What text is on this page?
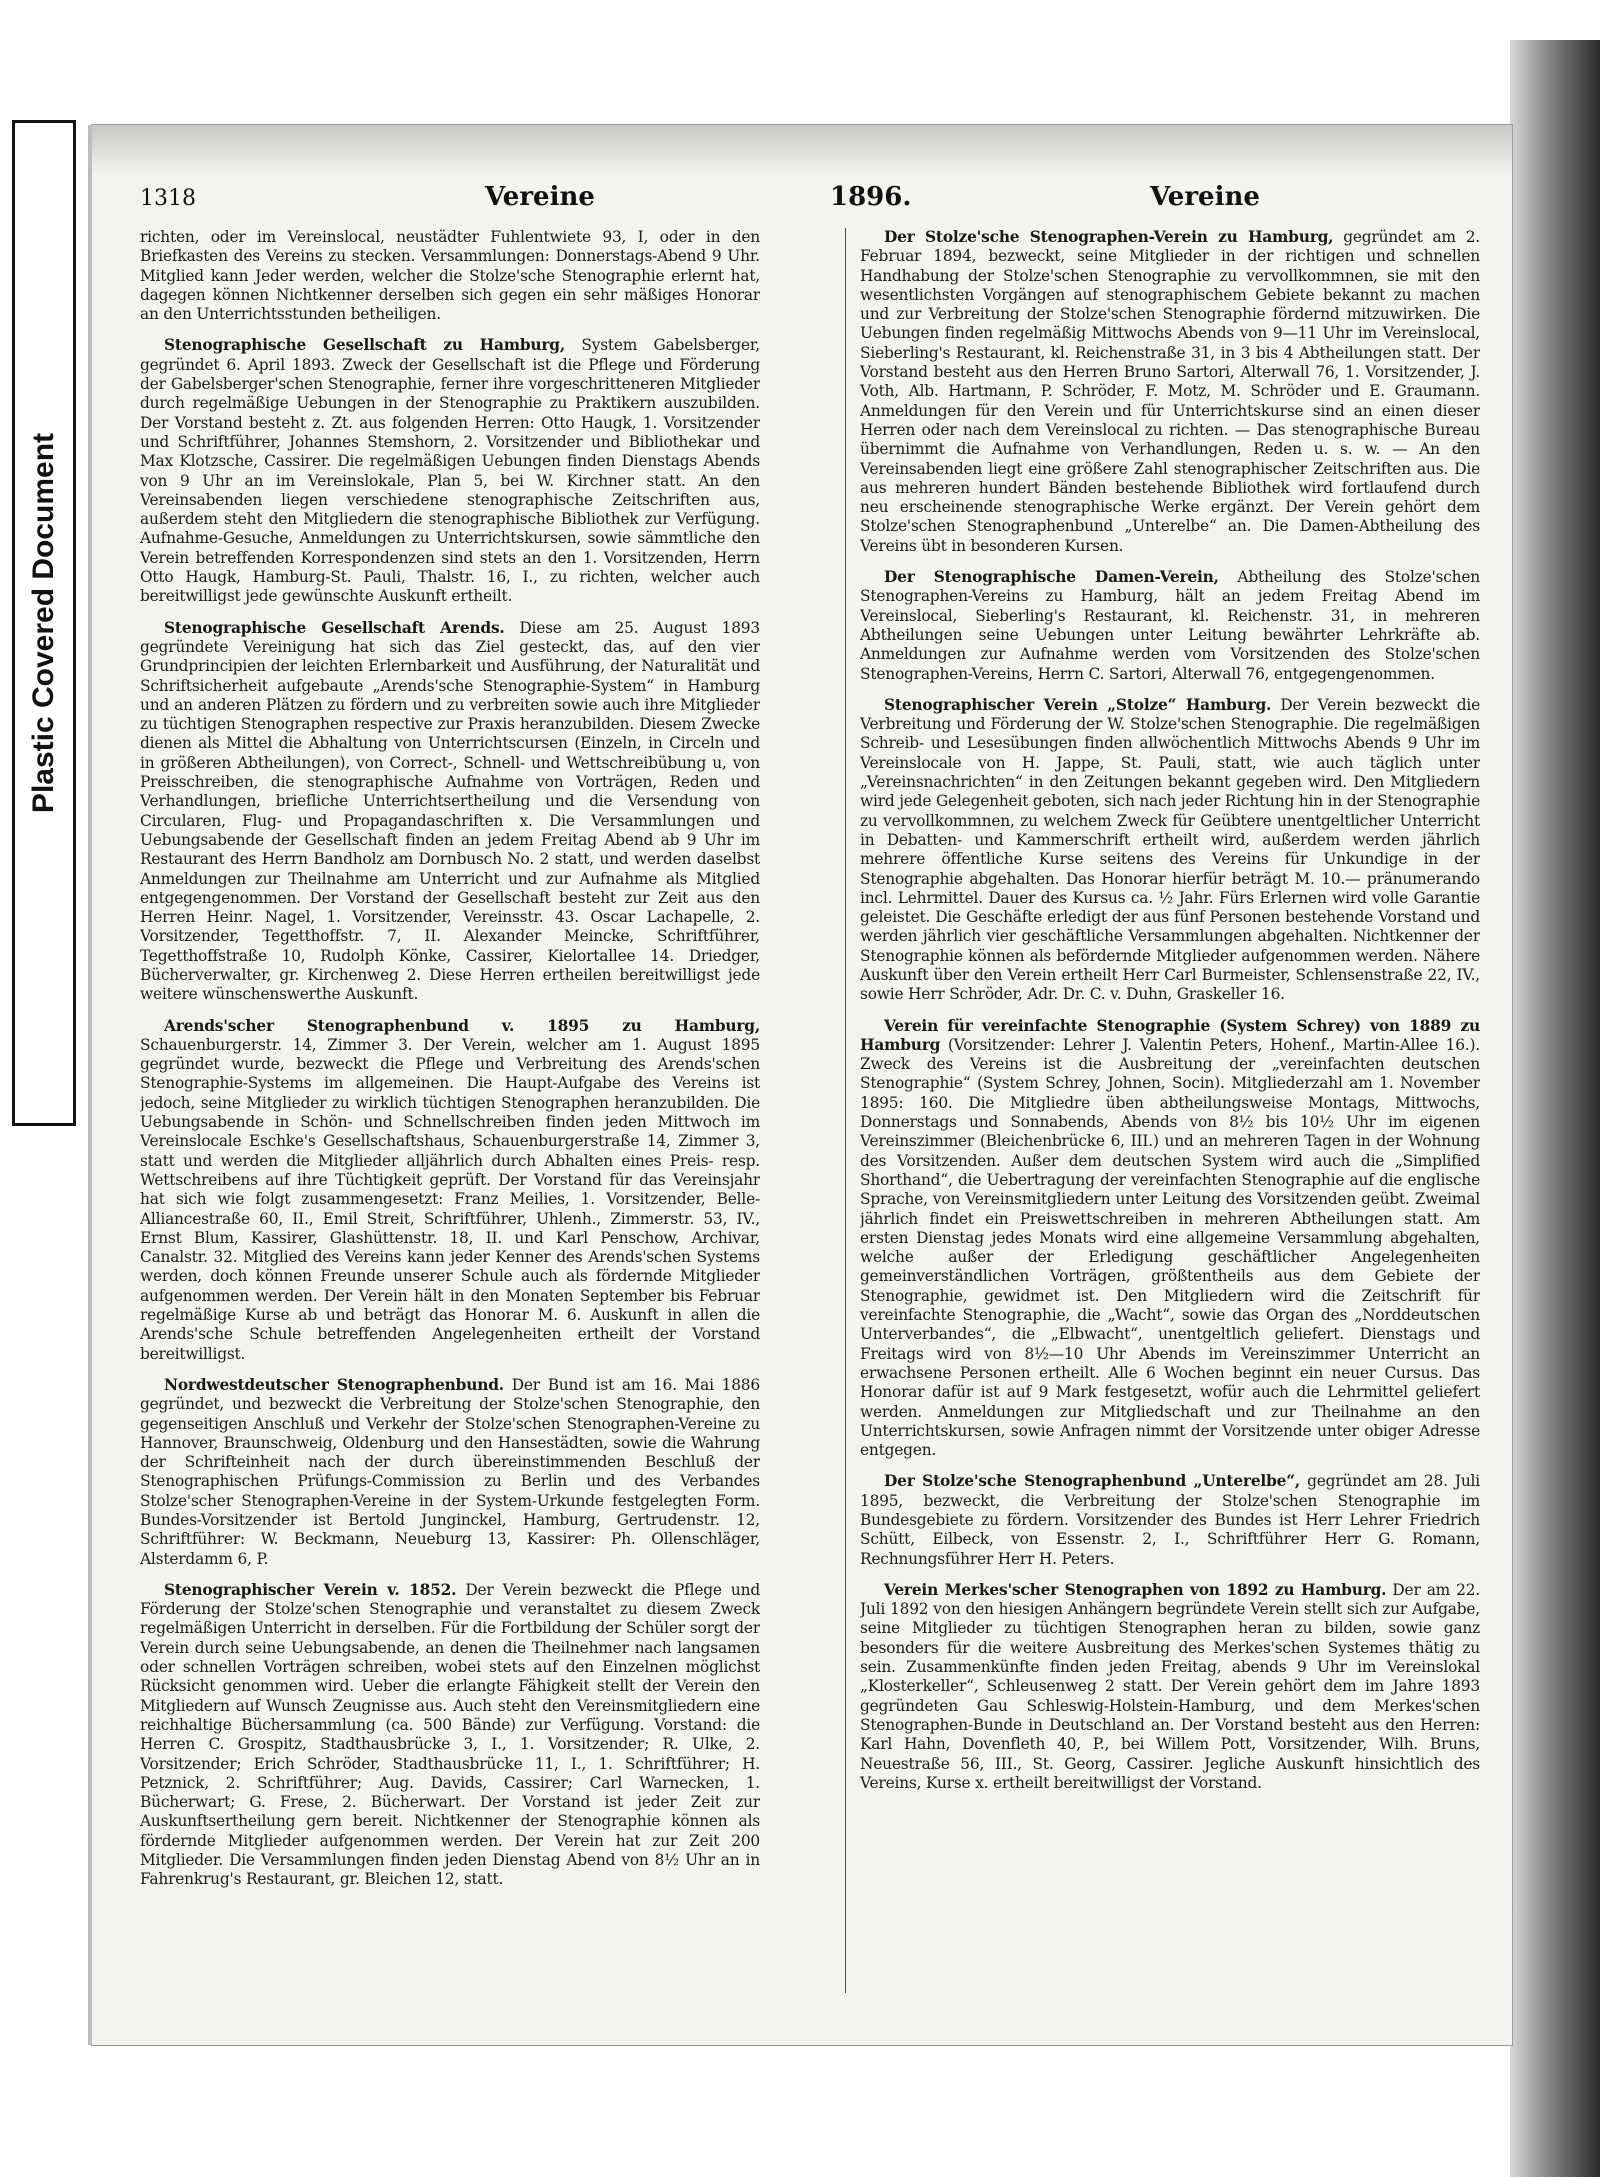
Plastic Covered Document
1318	Vereine	1896.	Vereine

richten, oder im Vereinslocal, neustädter Fuhlentwiete 93, I, oder in den Briefkasten des Vereins zu stecken. Versammlungen: Donnerstags-Abend 9 Uhr. Mitglied kann Jeder werden, welcher die Stolze'sche Stenographie erlernt hat, dagegen können Nichtkenner derselben sich gegen ein sehr mäßiges Honorar an den Unterrichtsstunden betheiligen.

Stenographische Gesellschaft zu Hamburg, System Gabelsberger, gegründet 6. April 1893. Zweck der Gesellschaft ist die Pflege und Förderung der Gabelsberger'schen Stenographie, ferner ihre vorgeschritteneren Mitglieder durch regelmäßige Uebungen in der Stenographie zu Praktikern auszubilden. Der Vorstand besteht z. Zt. aus folgenden Herren: Otto Haugk, 1. Vorsitzender und Schriftführer, Johannes Stemshorn, 2. Vorsitzender und Bibliothekar und Max Klotzsche, Cassirer. Die regelmäßigen Uebungen finden Dienstags Abends von 9 Uhr an im Vereinslokale, Plan 5, bei W. Kirchner statt. An den Vereinsabenden liegen verschiedene stenographische Zeitschriften aus, außerdem steht den Mitgliedern die stenographische Bibliothek zur Verfügung. Aufnahme-Gesuche, Anmeldungen zu Unterrichtskursen, sowie sämmtliche den Verein betreffenden Korrespondenzen sind stets an den 1. Vorsitzenden, Herrn Otto Haugk, Hamburg-St. Pauli, Thalstr. 16, I., zu richten, welcher auch bereitwilligst jede gewünschte Auskunft ertheilt.

Stenographische Gesellschaft Arends. Diese am 25. August 1893 gegründete Vereinigung hat sich das Ziel gesteckt, das, auf den vier Grundprincipien der leichten Erlernbarkeit und Ausführung, der Naturalität und Schriftsicherheit aufgebaute „Arends'sche Stenographie-System“ in Hamburg und an anderen Plätzen zu fördern und zu verbreiten sowie auch ihre Mitglieder zu tüchtigen Stenographen respective zur Praxis heranzubilden. Diesem Zwecke dienen als Mittel die Abhaltung von Unterrichtscursen (Einzeln, in Circeln und in größeren Abtheilungen), von Correct-, Schnell- und Wettschreibübung u, von Preisschreiben, die stenographische Aufnahme von Vorträgen, Reden und Verhandlungen, briefliche Unterrichtsertheilung und die Versendung von Circularen, Flug- und Propagandaschriften x. Die Versammlungen und Uebungsabende der Gesellschaft finden an jedem Freitag Abend ab 9 Uhr im Restaurant des Herrn Bandholz am Dornbusch No. 2 statt, und werden daselbst Anmeldungen zur Theilnahme am Unterricht und zur Aufnahme als Mitglied entgegengenommen. Der Vorstand der Gesellschaft besteht zur Zeit aus den Herren Heinr. Nagel, 1. Vorsitzender, Vereinsstr. 43. Oscar Lachapelle, 2. Vorsitzender, Tegetthoffstr. 7, II. Alexander Meincke, Schriftführer, Tegetthoffstraße 10, Rudolph Könke, Cassirer, Kielortallee 14. Driedger, Bücherverwalter, gr. Kirchenweg 2. Diese Herren ertheilen bereitwilligst jede weitere wünschenswerthe Auskunft.

Arends'scher Stenographenbund v. 1895 zu Hamburg, Schauenburgerstr. 14, Zimmer 3. Der Verein, welcher am 1. August 1895 gegründet wurde, bezweckt die Pflege und Verbreitung des Arends'schen Stenographie-Systems im allgemeinen. Die Haupt-Aufgabe des Vereins ist jedoch, seine Mitglieder zu wirklich tüchtigen Stenographen heranzubilden. Die Uebungsabende in Schön- und Schnellschreiben finden jeden Mittwoch im Vereinslocale Eschke's Gesellschaftshaus, Schauenburgerstraße 14, Zimmer 3, statt und werden die Mitglieder alljährlich durch Abhalten eines Preis- resp. Wettschreibens auf ihre Tüchtigkeit geprüft. Der Vorstand für das Vereinsjahr hat sich wie folgt zusammengesetzt: Franz Meilies, 1. Vorsitzender, Belle-Alliancestraße 60, II., Emil Streit, Schriftführer, Uhlenh., Zimmerstr. 53, IV., Ernst Blum, Kassirer, Glashüttenstr. 18, II. und Karl Penschow, Archivar, Canalstr. 32. Mitglied des Vereins kann jeder Kenner des Arends'schen Systems werden, doch können Freunde unserer Schule auch als fördernde Mitglieder aufgenommen werden. Der Verein hält in den Monaten September bis Februar regelmäßige Kurse ab und beträgt das Honorar M. 6. Auskunft in allen die Arends'sche Schule betreffenden Angelegenheiten ertheilt der Vorstand bereitwilligst.

Nordwestdeutscher Stenographenbund. Der Bund ist am 16. Mai 1886 gegründet, und bezweckt die Verbreitung der Stolze'schen Stenographie, den gegenseitigen Anschluß und Verkehr der Stolze'schen Stenographen-Vereine zu Hannover, Braunschweig, Oldenburg und den Hansestädten, sowie die Wahrung der Schrifteinheit nach der durch übereinstimmenden Beschluß der Stenographischen Prüfungs-Commission zu Berlin und des Verbandes Stolze'scher Stenographen-Vereine in der System-Urkunde festgelegten Form. Bundes-Vorsitzender ist Bertold Junginckel, Hamburg, Gertrudenstr. 12, Schriftführer: W. Beckmann, Neueburg 13, Kassirer: Ph. Ollenschläger, Alsterdamm 6, P.

Stenographischer Verein v. 1852. Der Verein bezweckt die Pflege und Förderung der Stolze'schen Stenographie und veranstaltet zu diesem Zweck regelmäßigen Unterricht in derselben. Für die Fortbildung der Schüler sorgt der Verein durch seine Uebungsabende, an denen die Theilnehmer nach langsamen oder schnellen Vorträgen schreiben, wobei stets auf den Einzelnen möglichst Rücksicht genommen wird. Ueber die erlangte Fähigkeit stellt der Verein den Mitgliedern auf Wunsch Zeugnisse aus. Auch steht den Vereinsmitgliedern eine reichhaltige Büchersammlung (ca. 500 Bände) zur Verfügung. Vorstand: die Herren C. Grospitz, Stadthausbrücke 3, I., 1. Vorsitzender; R. Ulke, 2. Vorsitzender; Erich Schröder, Stadthausbrücke 11, I., 1. Schriftführer; H. Petznick, 2. Schriftführer; Aug. Davids, Cassirer; Carl Warnecken, 1. Bücherwart; G. Frese, 2. Bücherwart. Der Vorstand ist jeder Zeit zur Auskunftsertheilung gern bereit. Nichtkenner der Stenographie können als fördernde Mitglieder aufgenommen werden. Der Verein hat zur Zeit 200 Mitglieder. Die Versammlungen finden jeden Dienstag Abend von 8½ Uhr an in Fahrenkrug's Restaurant, gr. Bleichen 12, statt.

Der Stolze'sche Stenographen-Verein zu Hamburg, gegründet am 2. Februar 1894, bezweckt, seine Mitglieder in der richtigen und schnellen Handhabung der Stolze'schen Stenographie zu vervollkommnen, sie mit den wesentlichsten Vorgängen auf stenographischem Gebiete bekannt zu machen und zur Verbreitung der Stolze'schen Stenographie fördernd mitzuwirken. Die Uebungen finden regelmäßig Mittwochs Abends von 9—11 Uhr im Vereinslocal, Sieberling's Restaurant, kl. Reichenstraße 31, in 3 bis 4 Abtheilungen statt. Der Vorstand besteht aus den Herren Bruno Sartori, Alterwall 76, 1. Vorsitzender, J. Voth, Alb. Hartmann, P. Schröder, F. Motz, M. Schröder und E. Graumann. Anmeldungen für den Verein und für Unterrichtskurse sind an einen dieser Herren oder nach dem Vereinslocal zu richten. — Das stenographische Bureau übernimmt die Aufnahme von Verhandlungen, Reden u. s. w. — An den Vereinsabenden liegt eine größere Zahl stenographischer Zeitschriften aus. Die aus mehreren hundert Bänden bestehende Bibliothek wird fortlaufend durch neu erscheinende stenographische Werke ergänzt. Der Verein gehört dem Stolze'schen Stenographenbund „Unterelbe“ an. Die Damen-Abtheilung des Vereins übt in besonderen Kursen.

Der Stenographische Damen-Verein, Abtheilung des Stolze'schen Stenographen-Vereins zu Hamburg, hält an jedem Freitag Abend im Vereinslocal, Sieberling's Restaurant, kl. Reichenstr. 31, in mehreren Abtheilungen seine Uebungen unter Leitung bewährter Lehrkräfte ab. Anmeldungen zur Aufnahme werden vom Vorsitzenden des Stolze'schen Stenographen-Vereins, Herrn C. Sartori, Alterwall 76, entgegengenommen.

Stenographischer Verein „Stolze“ Hamburg. Der Verein bezweckt die Verbreitung und Förderung der W. Stolze'schen Stenographie. Die regelmäßigen Schreib- und Lesesübungen finden allwöchentlich Mittwochs Abends 9 Uhr im Vereinslocale von H. Jappe, St. Pauli, statt, wie auch täglich unter „Vereinsnachrichten“ in den Zeitungen bekannt gegeben wird. Den Mitgliedern wird jede Gelegenheit geboten, sich nach jeder Richtung hin in der Stenographie zu vervollkommnen, zu welchem Zweck für Geübtere unentgeltlicher Unterricht in Debatten- und Kammerschrift ertheilt wird, außerdem werden jährlich mehrere öffentliche Kurse seitens des Vereins für Unkundige in der Stenographie abgehalten. Das Honorar hierfür beträgt M. 10.— pränumerando incl. Lehrmittel. Dauer des Kursus ca. ½ Jahr. Fürs Erlernen wird volle Garantie geleistet. Die Geschäfte erledigt der aus fünf Personen bestehende Vorstand und werden jährlich vier geschäftliche Versammlungen abgehalten. Nichtkenner der Stenographie können als befördernde Mitglieder aufgenommen werden. Nähere Auskunft über den Verein ertheilt Herr Carl Burmeister, Schlensenstraße 22, IV., sowie Herr Schröder, Adr. Dr. C. v. Duhn, Graskeller 16.

Verein für vereinfachte Stenographie (System Schrey) von 1889 zu Hamburg (Vorsitzender: Lehrer J. Valentin Peters, Hohenf., Martin-Allee 16.). Zweck des Vereins ist die Ausbreitung der „vereinfachten deutschen Stenographie“ (System Schrey, Johnen, Socin). Mitgliederzahl am 1. November 1895: 160. Die Mitgliedre üben abtheilungsweise Montags, Mittwochs, Donnerstags und Sonnabends, Abends von 8½ bis 10½ Uhr im eigenen Vereinszimmer (Bleichenbrücke 6, III.) und an mehreren Tagen in der Wohnung des Vorsitzenden. Außer dem deutschen System wird auch die „Simplified Shorthand“, die Uebertragung der vereinfachten Stenographie auf die englische Sprache, von Vereinsmitgliedern unter Leitung des Vorsitzenden geübt. Zweimal jährlich findet ein Preiswettschreiben in mehreren Abtheilungen statt. Am ersten Dienstag jedes Monats wird eine allgemeine Versammlung abgehalten, welche außer der Erledigung geschäftlicher Angelegenheiten gemeinverständlichen Vorträgen, größtentheils aus dem Gebiete der Stenographie, gewidmet ist. Den Mitgliedern wird die Zeitschrift für vereinfachte Stenographie, die „Wacht“, sowie das Organ des „Norddeutschen Unterverbandes“, die „Elbwacht“, unentgeltlich geliefert. Dienstags und Freitags wird von 8½—10 Uhr Abends im Vereinszimmer Unterricht an erwachsene Personen ertheilt. Alle 6 Wochen beginnt ein neuer Cursus. Das Honorar dafür ist auf 9 Mark festgesetzt, wofür auch die Lehrmittel geliefert werden. Anmeldungen zur Mitgliedschaft und zur Theilnahme an den Unterrichtskursen, sowie Anfragen nimmt der Vorsitzende unter obiger Adresse entgegen.

Der Stolze'sche Stenographenbund „Unterelbe“, gegründet am 28. Juli 1895, bezweckt, die Verbreitung der Stolze'schen Stenographie im Bundesgebiete zu fördern. Vorsitzender des Bundes ist Herr Lehrer Friedrich Schütt, Eilbeck, von Essenstr. 2, I., Schriftführer Herr G. Romann, Rechnungsführer Herr H. Peters.

Verein Merkes'scher Stenographen von 1892 zu Hamburg. Der am 22. Juli 1892 von den hiesigen Anhängern begründete Verein stellt sich zur Aufgabe, seine Mitglieder zu tüchtigen Stenographen heran zu bilden, sowie ganz besonders für die weitere Ausbreitung des Merkes'schen Systemes thätig zu sein. Zusammenkünfte finden jeden Freitag, abends 9 Uhr im Vereinslokal „Klosterkeller“, Schleusenweg 2 statt. Der Verein gehört dem im Jahre 1893 gegründeten Gau Schleswig-Holstein-Hamburg, und dem Merkes'schen Stenographen-Bunde in Deutschland an. Der Vorstand besteht aus den Herren: Karl Hahn, Dovenfleth 40, P., bei Willem Pott, Vorsitzender, Wilh. Bruns, Neuestraße 56, III., St. Georg, Cassirer. Jegliche Auskunft hinsichtlich des Vereins, Kurse x. ertheilt bereitwilligst der Vorstand.
